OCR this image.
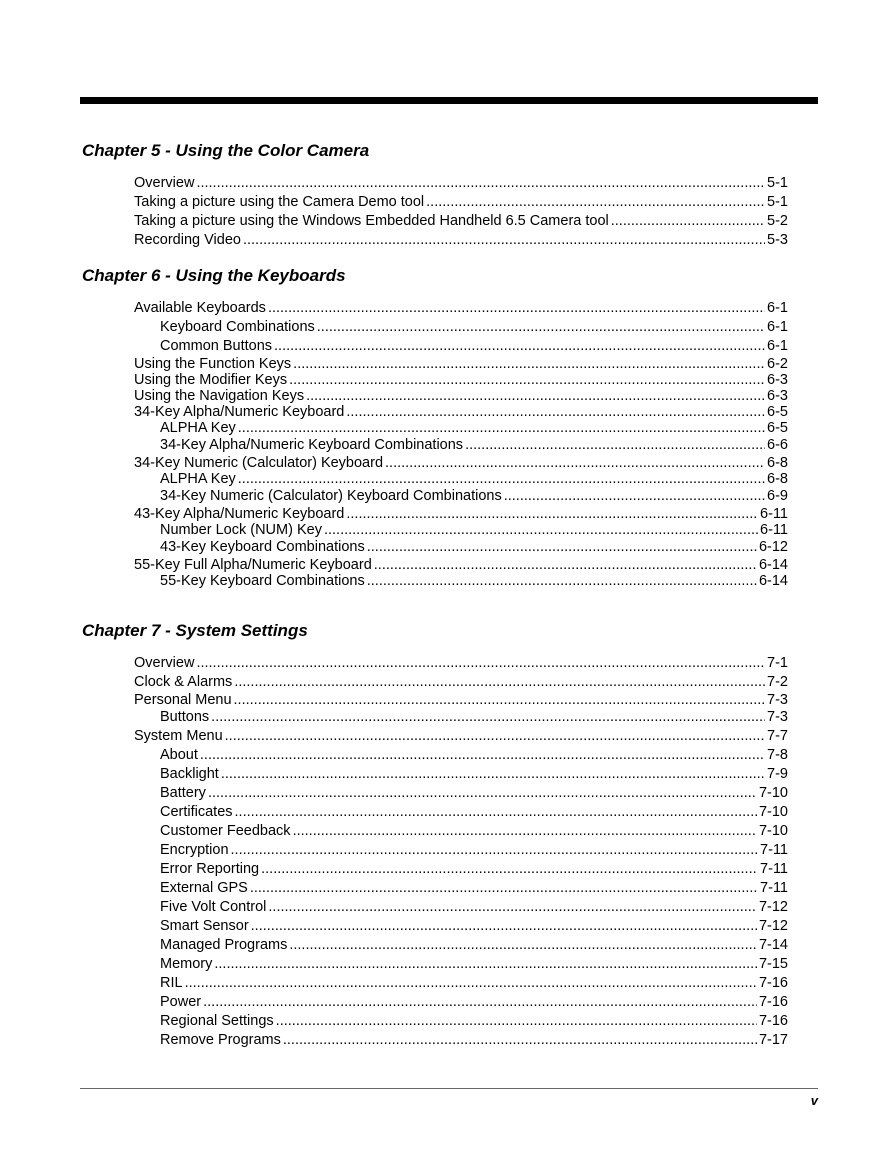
Chapter 5 - Using the Color Camera
Overview .....	5-1
Taking a picture using the Camera Demo tool .....	5-1
Taking a picture using the Windows Embedded Handheld 6.5 Camera tool .....	5-2
Recording Video .....	5-3
Chapter 6 - Using the Keyboards
Available Keyboards .....	6-1
Keyboard Combinations .....	6-1
Common Buttons .....	6-1
Using the Function Keys .....	6-2
Using the Modifier Keys .....	6-3
Using the Navigation Keys .....	6-3
34-Key Alpha/Numeric Keyboard .....	6-5
ALPHA Key .....	6-5
34-Key Alpha/Numeric Keyboard Combinations .....	6-6
34-Key Numeric (Calculator) Keyboard .....	6-8
ALPHA Key .....	6-8
34-Key Numeric (Calculator) Keyboard Combinations .....	6-9
43-Key Alpha/Numeric Keyboard .....	6-11
Number Lock (NUM) Key .....	6-11
43-Key Keyboard Combinations .....	6-12
55-Key Full Alpha/Numeric Keyboard .....	6-14
55-Key Keyboard Combinations .....	6-14
Chapter 7 - System Settings
Overview .....	7-1
Clock & Alarms .....	7-2
Personal Menu .....	7-3
Buttons .....	7-3
System Menu .....	7-7
About .....	7-8
Backlight .....	7-9
Battery .....	7-10
Certificates .....	7-10
Customer Feedback .....	7-10
Encryption .....	7-11
Error Reporting .....	7-11
External GPS .....	7-11
Five Volt Control .....	7-12
Smart Sensor .....	7-12
Managed Programs .....	7-14
Memory .....	7-15
RIL .....	7-16
Power .....	7-16
Regional Settings .....	7-16
Remove Programs .....	7-17
v
